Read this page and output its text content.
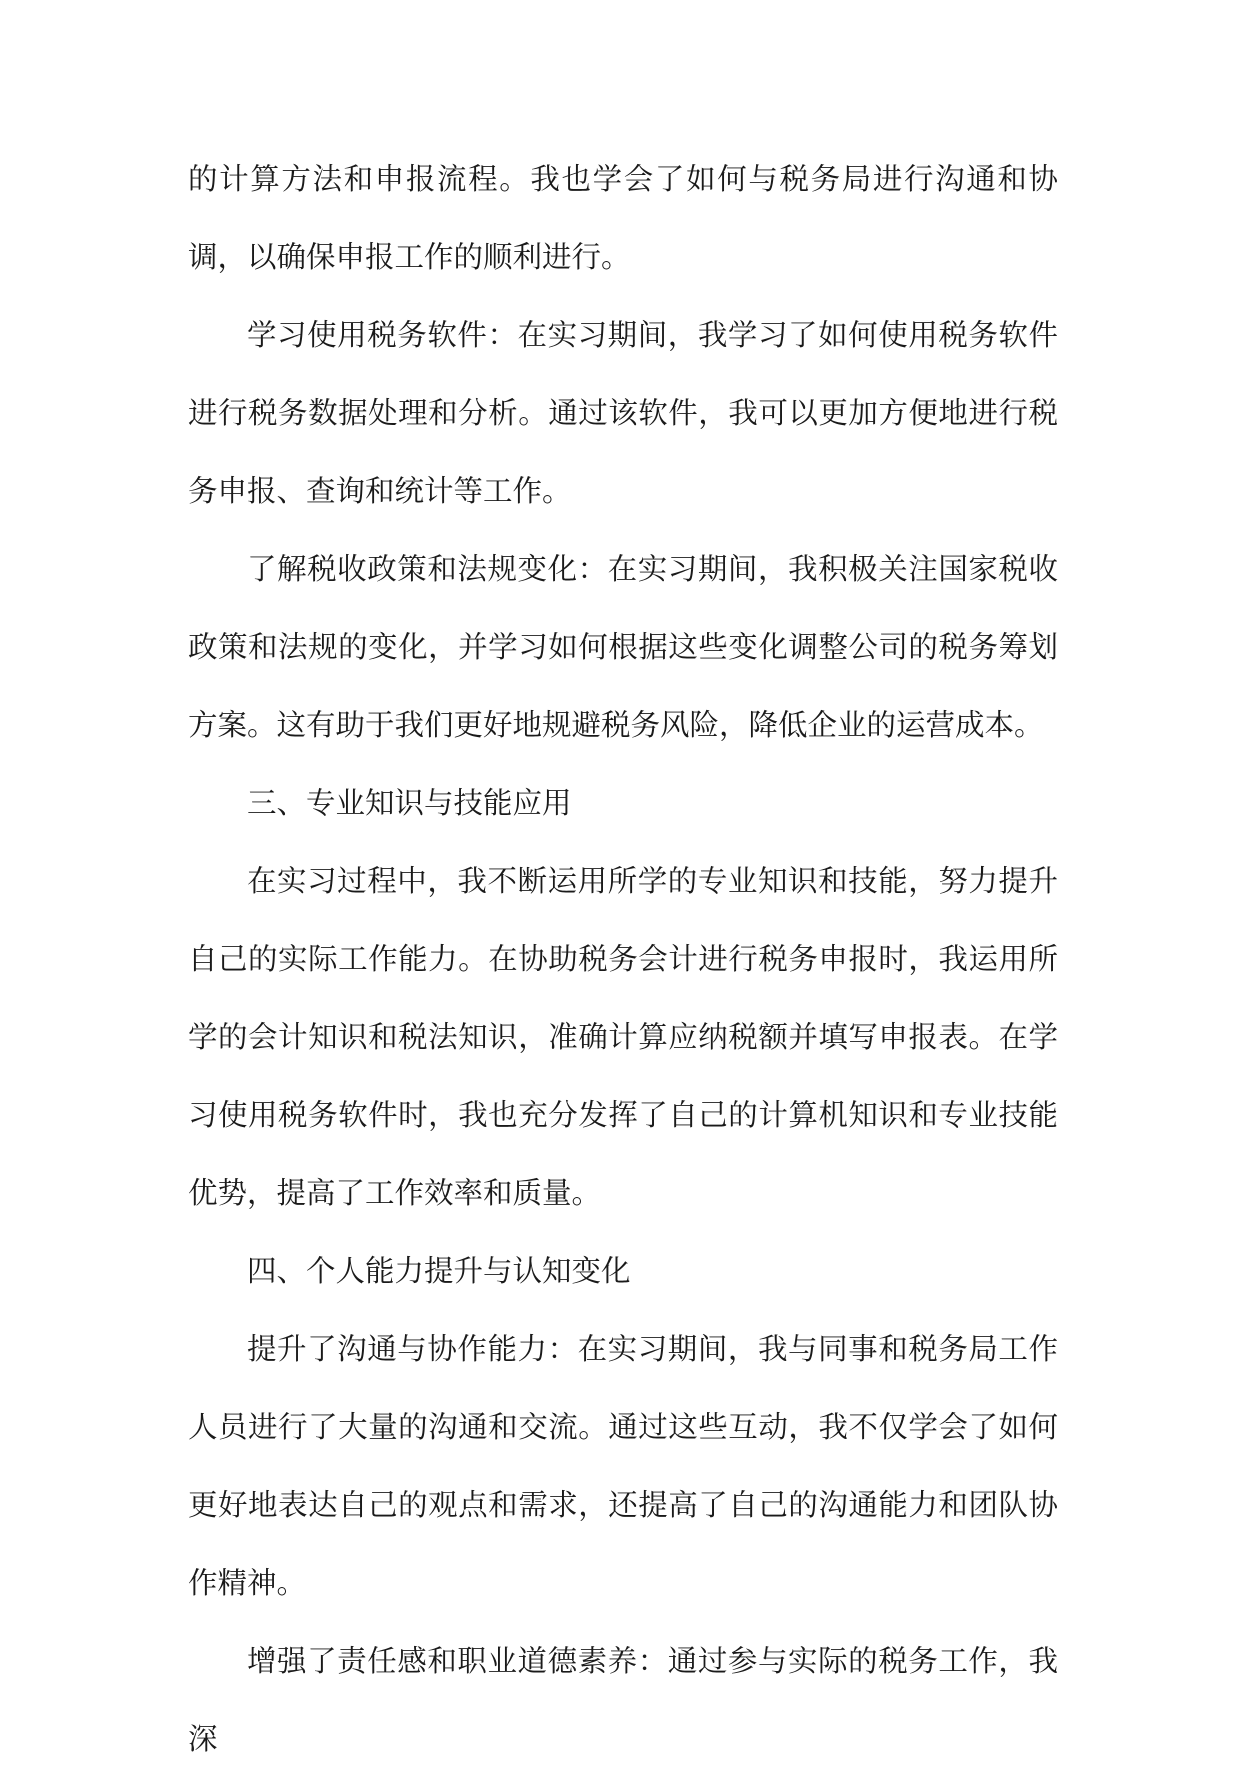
的计算方法和申报流程。我也学会了如何与税务局进行沟通和协调，以确保申报工作的顺利进行。

学习使用税务软件：在实习期间，我学习了如何使用税务软件进行税务数据处理和分析。通过该软件，我可以更加方便地进行税务申报、查询和统计等工作。

了解税收政策和法规变化：在实习期间，我积极关注国家税收政策和法规的变化，并学习如何根据这些变化调整公司的税务筹划方案。这有助于我们更好地规避税务风险，降低企业的运营成本。

三、专业知识与技能应用

在实习过程中，我不断运用所学的专业知识和技能，努力提升自己的实际工作能力。在协助税务会计进行税务申报时，我运用所学的会计知识和税法知识，准确计算应纳税额并填写申报表。在学习使用税务软件时，我也充分发挥了自己的计算机知识和专业技能优势，提高了工作效率和质量。

四、个人能力提升与认知变化

提升了沟通与协作能力：在实习期间，我与同事和税务局工作人员进行了大量的沟通和交流。通过这些互动，我不仅学会了如何更好地表达自己的观点和需求，还提高了自己的沟通能力和团队协作精神。

增强了责任感和职业道德素养：通过参与实际的税务工作，我深
